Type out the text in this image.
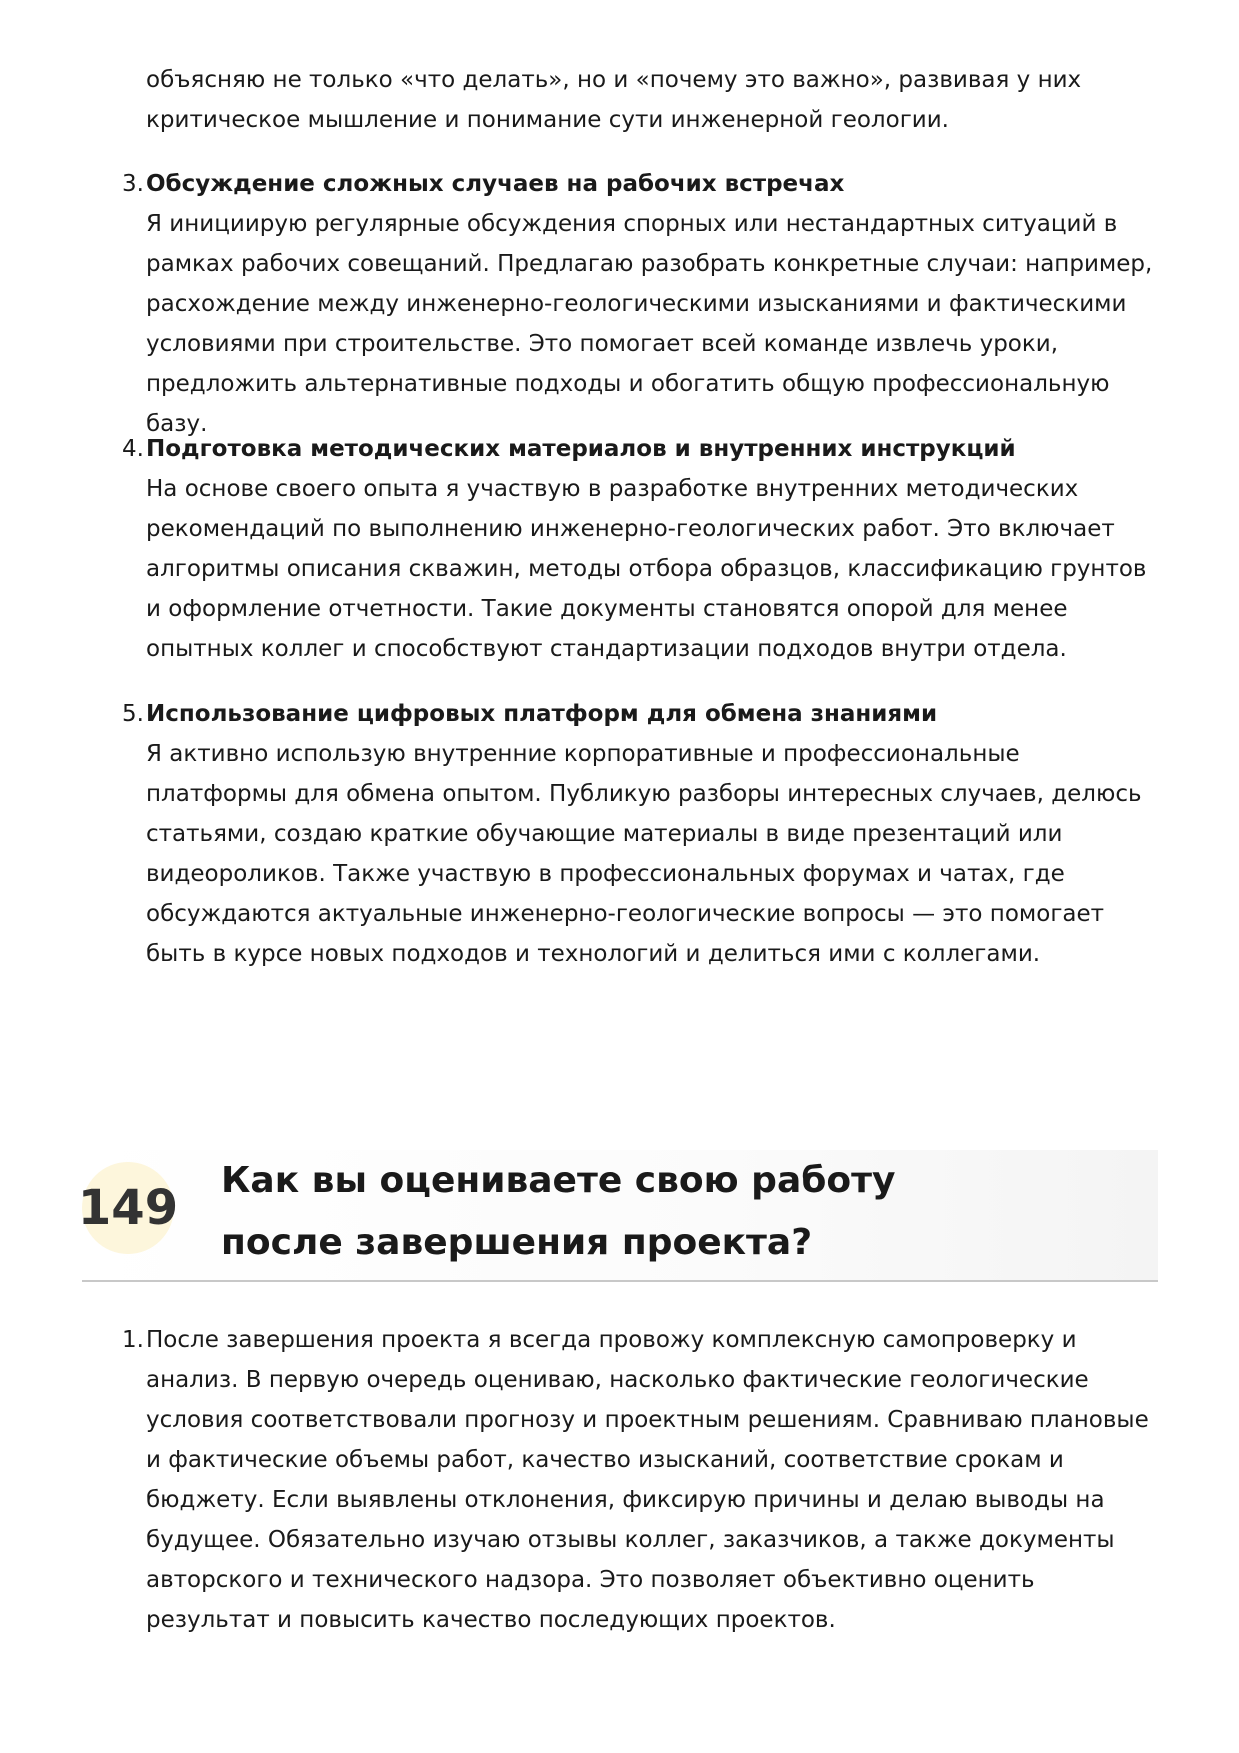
объясняю не только «что делать», но и «почему это важно», развивая у них критическое мышление и понимание сути инженерной геологии.
3. Обсуждение сложных случаев на рабочих встречах
Я инициирую регулярные обсуждения спорных или нестандартных ситуаций в рамках рабочих совещаний. Предлагаю разобрать конкретные случаи: например, расхождение между инженерно-геологическими изысканиями и фактическими условиями при строительстве. Это помогает всей команде извлечь уроки, предложить альтернативные подходы и обогатить общую профессиональную базу.
4. Подготовка методических материалов и внутренних инструкций
На основе своего опыта я участвую в разработке внутренних методических рекомендаций по выполнению инженерно-геологических работ. Это включает алгоритмы описания скважин, методы отбора образцов, классификацию грунтов и оформление отчетности. Такие документы становятся опорой для менее опытных коллег и способствуют стандартизации подходов внутри отдела.
5. Использование цифровых платформ для обмена знаниями
Я активно использую внутренние корпоративные и профессиональные платформы для обмена опытом. Публикую разборы интересных случаев, делюсь статьями, создаю краткие обучающие материалы в виде презентаций или видеороликов. Также участвую в профессиональных форумах и чатах, где обсуждаются актуальные инженерно-геологические вопросы — это помогает быть в курсе новых подходов и технологий и делиться ими с коллегами.
149 Как вы оцениваете свою работу после завершения проекта?
1. После завершения проекта я всегда провожу комплексную самопроверку и анализ. В первую очередь оцениваю, насколько фактические геологические условия соответствовали прогнозу и проектным решениям. Сравниваю плановые и фактические объемы работ, качество изысканий, соответствие срокам и бюджету. Если выявлены отклонения, фиксирую причины и делаю выводы на будущее. Обязательно изучаю отзывы коллег, заказчиков, а также документы авторского и технического надзора. Это позволяет объективно оценить результат и повысить качество последующих проектов.
